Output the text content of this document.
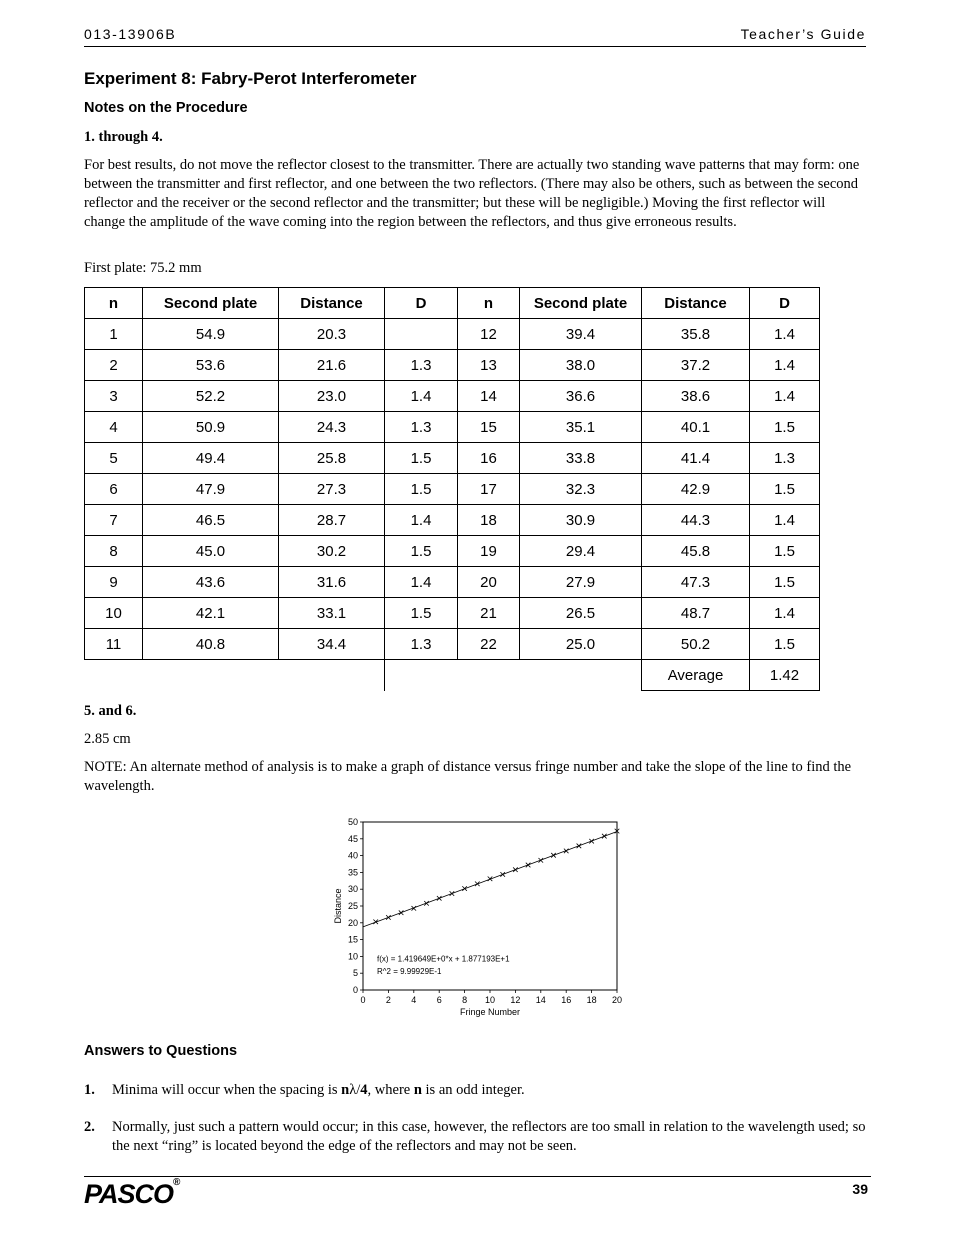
013-13906B	Teacher’s Guide
Experiment 8: Fabry-Perot Interferometer
Notes on the Procedure
1. through 4.
For best results, do not move the reflector closest to the transmitter. There are actually two standing wave patterns that may form: one between the transmitter and first reflector, and one between the two reflectors. (There may also be others, such as between the second reflector and the receiver or the second reflector and the transmitter; but these will be negligible.) Moving the first reflector will change the amplitude of the wave coming into the region between the reflectors, and thus give erroneous results.
First plate: 75.2 mm
n	Second plate	Distance	D	n	Second plate	Distance	D
1	54.9	20.3		12	39.4	35.8	1.4
2	53.6	21.6	1.3	13	38.0	37.2	1.4
3	52.2	23.0	1.4	14	36.6	38.6	1.4
4	50.9	24.3	1.3	15	35.1	40.1	1.5
5	49.4	25.8	1.5	16	33.8	41.4	1.3
6	47.9	27.3	1.5	17	32.3	42.9	1.5
7	46.5	28.7	1.4	18	30.9	44.3	1.4
8	45.0	30.2	1.5	19	29.4	45.8	1.5
9	43.6	31.6	1.4	20	27.9	47.3	1.5
10	42.1	33.1	1.5	21	26.5	48.7	1.4
11	40.8	34.4	1.3	22	25.0	50.2	1.5
						Average	1.42
5. and 6.
2.85 cm
NOTE: An alternate method of analysis is to make a graph of distance versus fringe number and take the slope of the line to find the wavelength.
0
5
10
15
20
25
30
35
40
45
50
0 2 4 6 8 10 12 14 16 18 20
Fringe Number
Distance
f(x) = 1.419649E+0*x + 1.877193E+1
R^2 = 9.99929E-1
Answers to Questions
1. Minima will occur when the spacing is nλ/4, where n is an odd integer.
2. Normally, just such a pattern would occur; in this case, however, the reflectors are too small in relation to the wavelength used; so the next “ring” is located beyond the edge of the reflectors and may not be seen.
PASCO®	39
